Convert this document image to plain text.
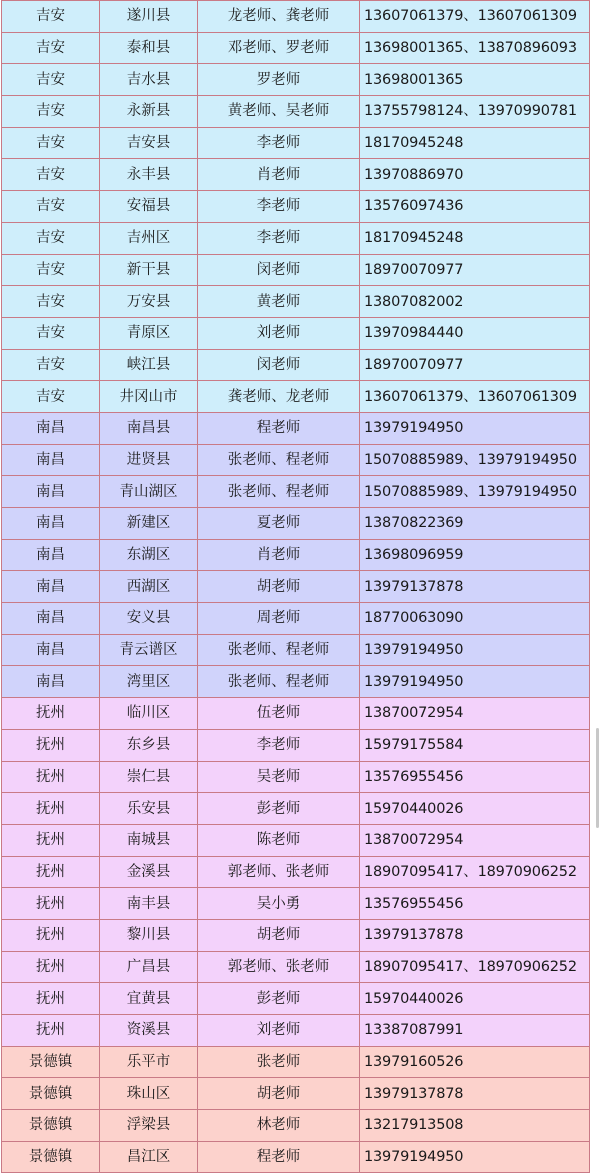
吉安	遂川县	龙老师、龚老师	13607061379、13607061309
吉安	泰和县	邓老师、罗老师	13698001365、13870896093
吉安	吉水县	罗老师	13698001365
吉安	永新县	黄老师、吴老师	13755798124、13970990781
吉安	吉安县	李老师	18170945248
吉安	永丰县	肖老师	13970886970
吉安	安福县	李老师	13576097436
吉安	吉州区	李老师	18170945248
吉安	新干县	闵老师	18970070977
吉安	万安县	黄老师	13807082002
吉安	青原区	刘老师	13970984440
吉安	峡江县	闵老师	18970070977
吉安	井冈山市	龚老师、龙老师	13607061379、13607061309
南昌	南昌县	程老师	13979194950
南昌	进贤县	张老师、程老师	15070885989、13979194950
南昌	青山湖区	张老师、程老师	15070885989、13979194950
南昌	新建区	夏老师	13870822369
南昌	东湖区	肖老师	13698096959
南昌	西湖区	胡老师	13979137878
南昌	安义县	周老师	18770063090
南昌	青云谱区	张老师、程老师	13979194950
南昌	湾里区	张老师、程老师	13979194950
抚州	临川区	伍老师	13870072954
抚州	东乡县	李老师	15979175584
抚州	崇仁县	吴老师	13576955456
抚州	乐安县	彭老师	15970440026
抚州	南城县	陈老师	13870072954
抚州	金溪县	郭老师、张老师	18907095417、18970906252
抚州	南丰县	吴小勇	13576955456
抚州	黎川县	胡老师	13979137878
抚州	广昌县	郭老师、张老师	18907095417、18970906252
抚州	宜黄县	彭老师	15970440026
抚州	资溪县	刘老师	13387087991
景德镇	乐平市	张老师	13979160526
景德镇	珠山区	胡老师	13979137878
景德镇	浮梁县	林老师	13217913508
景德镇	昌江区	程老师	13979194950
